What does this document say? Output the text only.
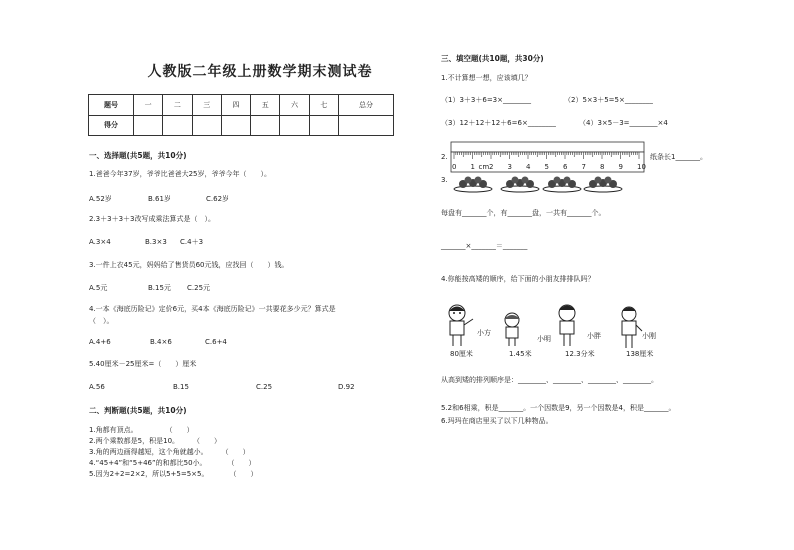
人教版二年级上册数学期末测试卷
题号	一	二	三	四	五	六	七	总分
得分								
一、选择题(共5题，共10分)
1.爸爸今年37岁，爷爷比爸爸大25岁，爷爷今年（　　）。
A.52岁	B.61岁	C.62岁
2.3＋3＋3＋3改写成乘法算式是（　）。
A.3×4	B.3×3 C.4＋3
3.一件上衣45元，妈妈给了售货员60元钱，应找回（　　）钱。
A.5元	B.15元 C.25元
4.一本《海底历险记》定价6元，买4本《海底历险记》一共要花多少元？算式是
（　）。
A.4+6	B.4×6	C.6+4
5.40厘米－25厘米=（　　）厘米
A.56	B.15	C.25	D.92
二、判断题(共5题，共10分)
1.角都有顶点。　　　　　（　　）
2.两个乘数都是5，积是10。　　　（　　）
3.角的两边画得越短，这个角就越小。　　　（　　）
4.“45+4”和“5+46”的和都比50小。　　　　（　　）
5.因为2+2=2×2，所以5+5=5×5。　　　　（　　）
三、填空题(共10题，共30分)
1.不计算想一想，应该填几？
（1）3＋3＋6=3×________	（2）5×3＋5=5×________
（3）12＋12＋12＋6=6×________	（4）3×5－3=________×4
2.
0 1 cm 2 3 4 5 6 7 8 9 10
纸条长1_______。
3.
每盘有_______个，有_______盘，一共有_______个。
_______×_______＝_______
4.你能按高矮的顺序，给下面的小朋友排排队吗？
小方
80厘米
小明
1.45米
小胖
12.3分米
小刚
138厘米
从高到矮的排列顺序是：________、________、________、________。
5.2和6相乘，积是_______。一个因数是9，另一个因数是4，积是_______。
6.玛玛在商店里买了以下几种物品。
